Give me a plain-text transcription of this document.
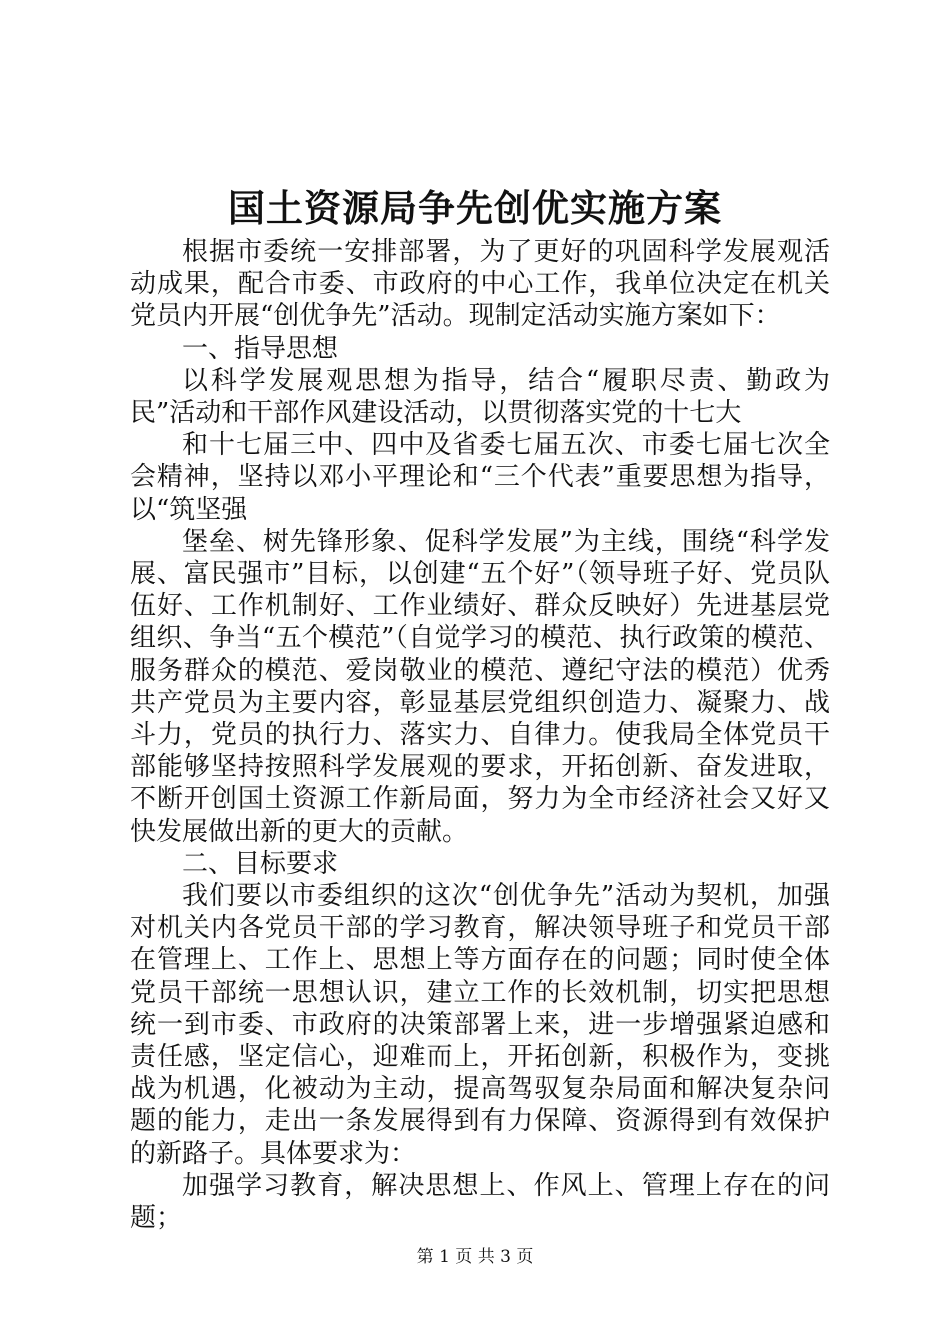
国土资源局争先创优实施方案

根据市委统一安排部署，为了更好的巩固科学发展观活动成果，配合市委、市政府的中心工作，我单位决定在机关党员内开展“创优争先”活动。现制定活动实施方案如下：

一、指导思想

以科学发展观思想为指导，结合“履职尽责、勤政为民”活动和干部作风建设活动，以贯彻落实党的十七大

和十七届三中、四中及省委七届五次、市委七届七次全会精神，坚持以邓小平理论和“三个代表”重要思想为指导，以“筑坚强

堡垒、树先锋形象、促科学发展”为主线，围绕“科学发展、富民强市”目标，以创建“五个好”（领导班子好、党员队伍好、工作机制好、工作业绩好、群众反映好）先进基层党组织、争当“五个模范”（自觉学习的模范、执行政策的模范、服务群众的模范、爱岗敬业的模范、遵纪守法的模范）优秀共产党员为主要内容，彰显基层党组织创造力、凝聚力、战斗力，党员的执行力、落实力、自律力。使我局全体党员干部能够坚持按照科学发展观的要求，开拓创新、奋发进取，不断开创国土资源工作新局面，努力为全市经济社会又好又快发展做出新的更大的贡献。

二、目标要求

我们要以市委组织的这次“创优争先”活动为契机，加强对机关内各党员干部的学习教育，解决领导班子和党员干部在管理上、工作上、思想上等方面存在的问题；同时使全体党员干部统一思想认识，建立工作的长效机制，切实把思想统一到市委、市政府的决策部署上来，进一步增强紧迫感和责任感，坚定信心，迎难而上，开拓创新，积极作为，变挑战为机遇，化被动为主动，提高驾驭复杂局面和解决复杂问题的能力，走出一条发展得到有力保障、资源得到有效保护的新路子。具体要求为：

加强学习教育，解决思想上、作风上、管理上存在的问题；

第 1 页 共 3 页
